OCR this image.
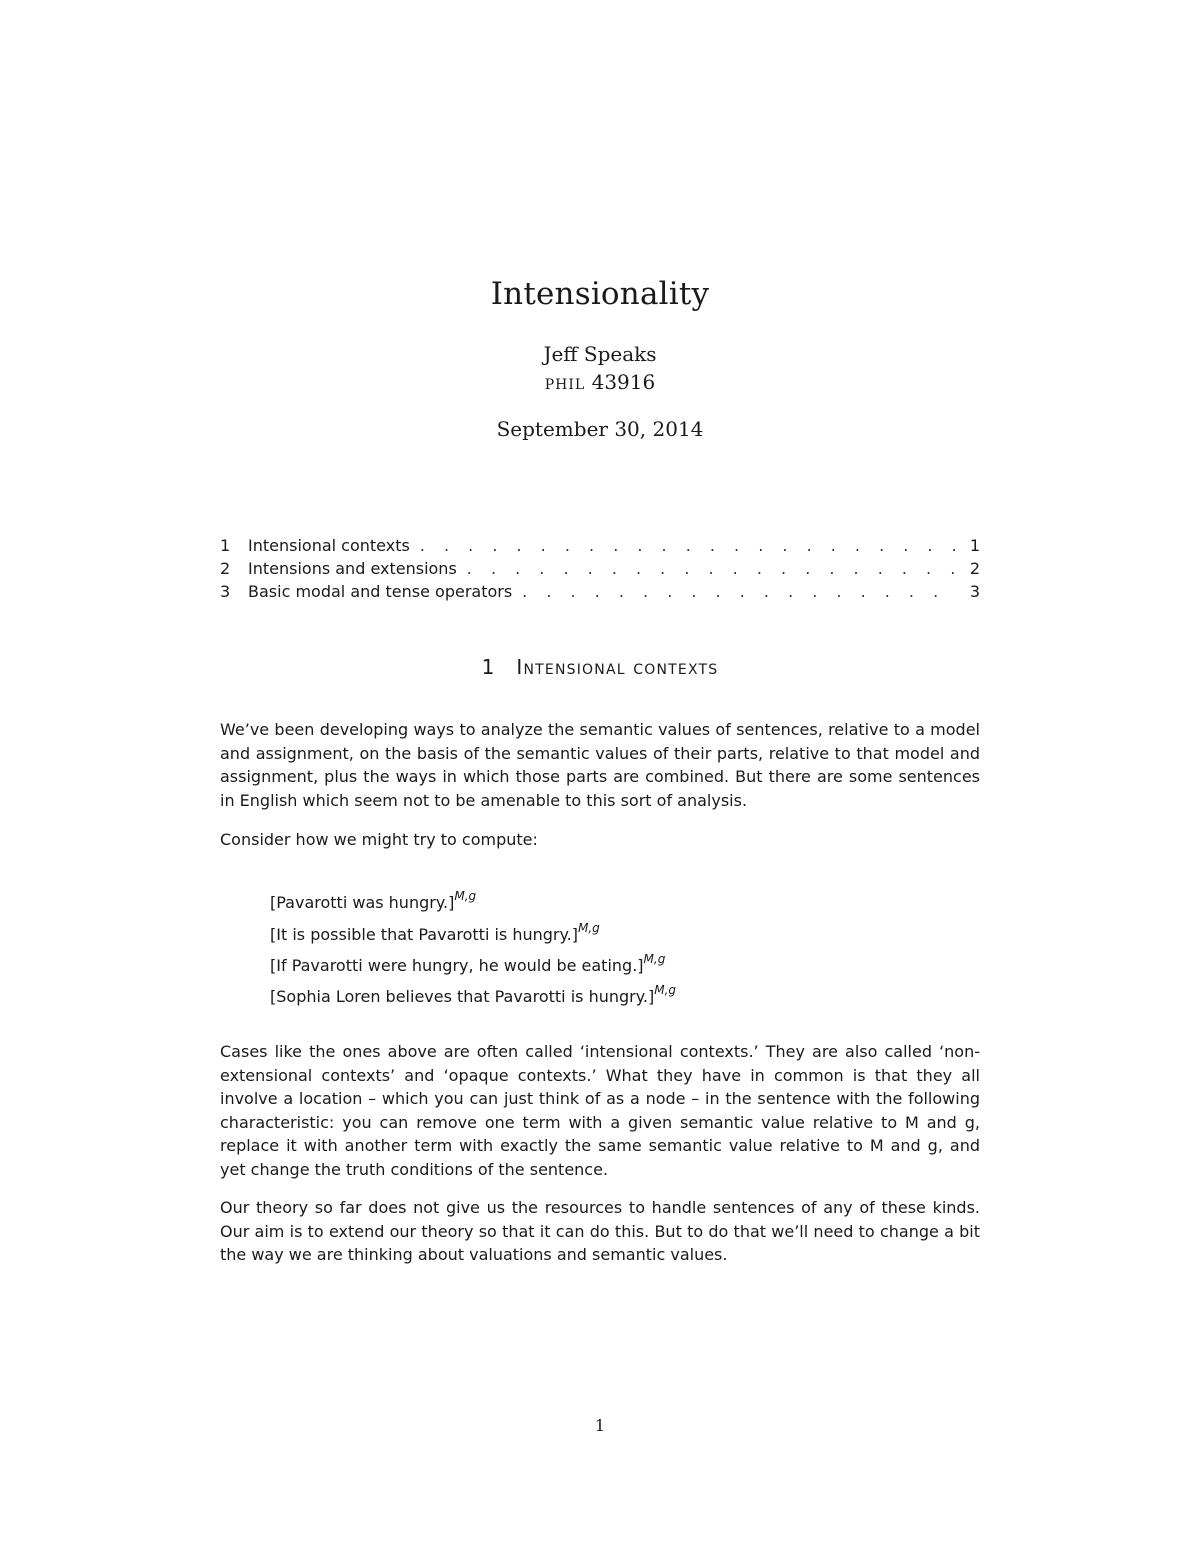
Intensionality
Jeff Speaks
phil 43916
September 30, 2014
1	Intensional contexts . . .	1
2	Intensions and extensions . . .	2
3	Basic modal and tense operators . . .	3
1 Intensional contexts
We’ve been developing ways to analyze the semantic values of sentences, relative to a model and assignment, on the basis of the semantic values of their parts, relative to that model and assignment, plus the ways in which those parts are combined. But there are some sentences in English which seem not to be amenable to this sort of analysis.
Consider how we might try to compute:
[Pavarotti was hungry.]$^{M,g}$
[It is possible that Pavarotti is hungry.]$^{M,g}$
[If Pavarotti were hungry, he would be eating.]$^{M,g}$
[Sophia Loren believes that Pavarotti is hungry.]$^{M,g}$
Cases like the ones above are often called ‘intensional contexts.’ They are also called ‘non-extensional contexts’ and ‘opaque contexts.’ What they have in common is that they all involve a location – which you can just think of as a node – in the sentence with the following characteristic: you can remove one term with a given semantic value relative to M and g, replace it with another term with exactly the same semantic value relative to M and g, and yet change the truth conditions of the sentence.
Our theory so far does not give us the resources to handle sentences of any of these kinds. Our aim is to extend our theory so that it can do this. But to do that we’ll need to change a bit the way we are thinking about valuations and semantic values.
1
